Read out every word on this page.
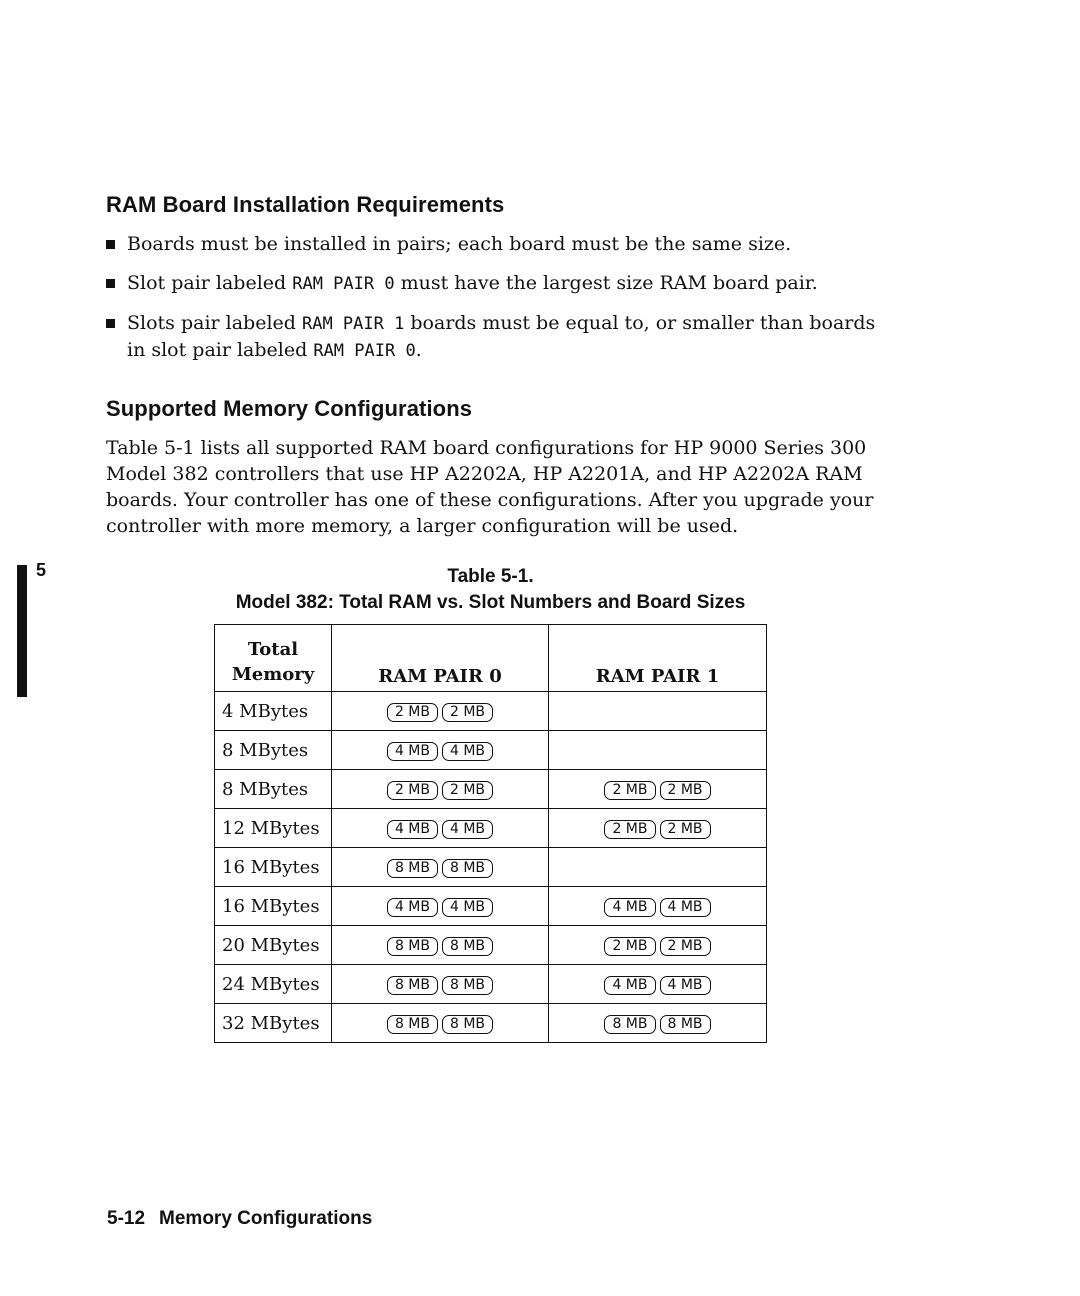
RAM Board Installation Requirements
Boards must be installed in pairs; each board must be the same size.
Slot pair labeled RAM PAIR 0 must have the largest size RAM board pair.
Slots pair labeled RAM PAIR 1 boards must be equal to, or smaller than boards in slot pair labeled RAM PAIR 0.
Supported Memory Configurations
Table 5-1 lists all supported RAM board configurations for HP 9000 Series 300 Model 382 controllers that use HP A2202A, HP A2201A, and HP A2202A RAM boards. Your controller has one of these configurations. After you upgrade your controller with more memory, a larger configuration will be used.
5	Table 5-1.
Model 382: Total RAM vs. Slot Numbers and Board Sizes
Total Memory	RAM PAIR 0	RAM PAIR 1
4 MBytes	2 MB 2 MB	
8 MBytes	4 MB 4 MB	
8 MBytes	2 MB 2 MB	2 MB 2 MB
12 MBytes	4 MB 4 MB	2 MB 2 MB
16 MBytes	8 MB 8 MB	
16 MBytes	4 MB 4 MB	4 MB 4 MB
20 MBytes	8 MB 8 MB	2 MB 2 MB
24 MBytes	8 MB 8 MB	4 MB 4 MB
32 MBytes	8 MB 8 MB	8 MB 8 MB
5-12 Memory Configurations
